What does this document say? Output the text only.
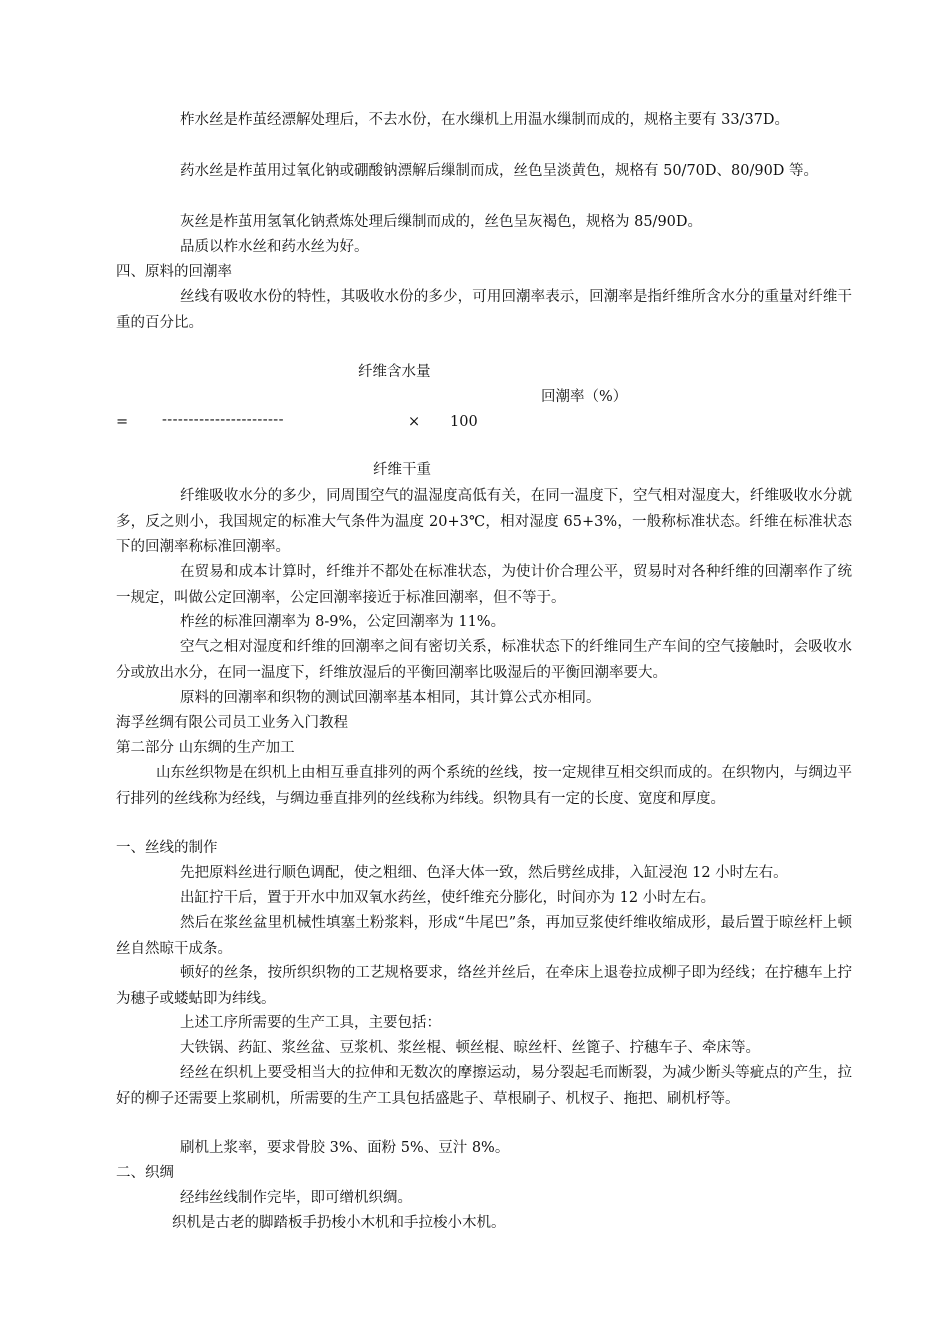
柞水丝是柞茧经漂解处理后，不去水份，在水缫机上用温水缫制而成的，规格主要有 33/37D。

药水丝是柞茧用过氧化钠或硼酸钠漂解后缫制而成，丝色呈淡黄色，规格有 50/70D、80/90D 等。

灰丝是柞茧用氢氧化钠煮炼处理后缫制而成的，丝色呈灰褐色，规格为 85/90D。

品质以柞水丝和药水丝为好。

四、原料的回潮率

丝线有吸收水份的特性，其吸收水份的多少，可用回潮率表示，回潮率是指纤维所含水分的重量对纤维干重的百分比。

纤维含水量
回潮率（%）
= -----------------------	× 100
纤维干重

纤维吸收水分的多少，同周围空气的温湿度高低有关，在同一温度下，空气相对湿度大，纤维吸收水分就多，反之则小，我国规定的标准大气条件为温度 20+3℃，相对湿度 65+3%，一般称标准状态。纤维在标准状态下的回潮率称标准回潮率。

在贸易和成本计算时，纤维并不都处在标准状态，为使计价合理公平，贸易时对各种纤维的回潮率作了统一规定，叫做公定回潮率，公定回潮率接近于标准回潮率，但不等于。

柞丝的标准回潮率为 8-9%，公定回潮率为 11%。

空气之相对湿度和纤维的回潮率之间有密切关系，标准状态下的纤维同生产车间的空气接触时，会吸收水分或放出水分，在同一温度下，纤维放湿后的平衡回潮率比吸湿后的平衡回潮率要大。

原料的回潮率和织物的测试回潮率基本相同，其计算公式亦相同。

海孚丝绸有限公司员工业务入门教程

第二部分 山东绸的生产加工

山东丝织物是在织机上由相互垂直排列的两个系统的丝线，按一定规律互相交织而成的。在织物内，与绸边平行排列的丝线称为经线，与绸边垂直排列的丝线称为纬线。织物具有一定的长度、宽度和厚度。

一、丝线的制作

先把原料丝进行顺色调配，使之粗细、色泽大体一致，然后劈丝成排，入缸浸泡 12 小时左右。

出缸拧干后，置于开水中加双氧水药丝，使纤维充分膨化，时间亦为 12 小时左右。

然后在浆丝盆里机械性填塞土粉浆料，形成“牛尾巴”条，再加豆浆使纤维收缩成形，最后置于晾丝杆上顿丝自然晾干成条。

顿好的丝条，按所织织物的工艺规格要求，络丝并丝后，在牵床上退卷拉成柳子即为经线；在拧穗车上拧为穗子或蝼蛄即为纬线。

上述工序所需要的生产工具，主要包括：

大铁锅、药缸、浆丝盆、豆浆机、浆丝棍、顿丝棍、晾丝杆、丝篦子、拧穗车子、牵床等。

经丝在织机上要受相当大的拉伸和无数次的摩擦运动，易分裂起毛而断裂，为减少断头等疵点的产生，拉好的柳子还需要上浆刷机，所需要的生产工具包括盛匙子、草根刷子、机杈子、拖把、刷机杼等。

刷机上浆率，要求骨胶 3%、面粉 5%、豆汁 8%。

二、织绸

经纬丝线制作完毕，即可缯机织绸。

织机是古老的脚踏板手扔梭小木机和手拉梭小木机。
